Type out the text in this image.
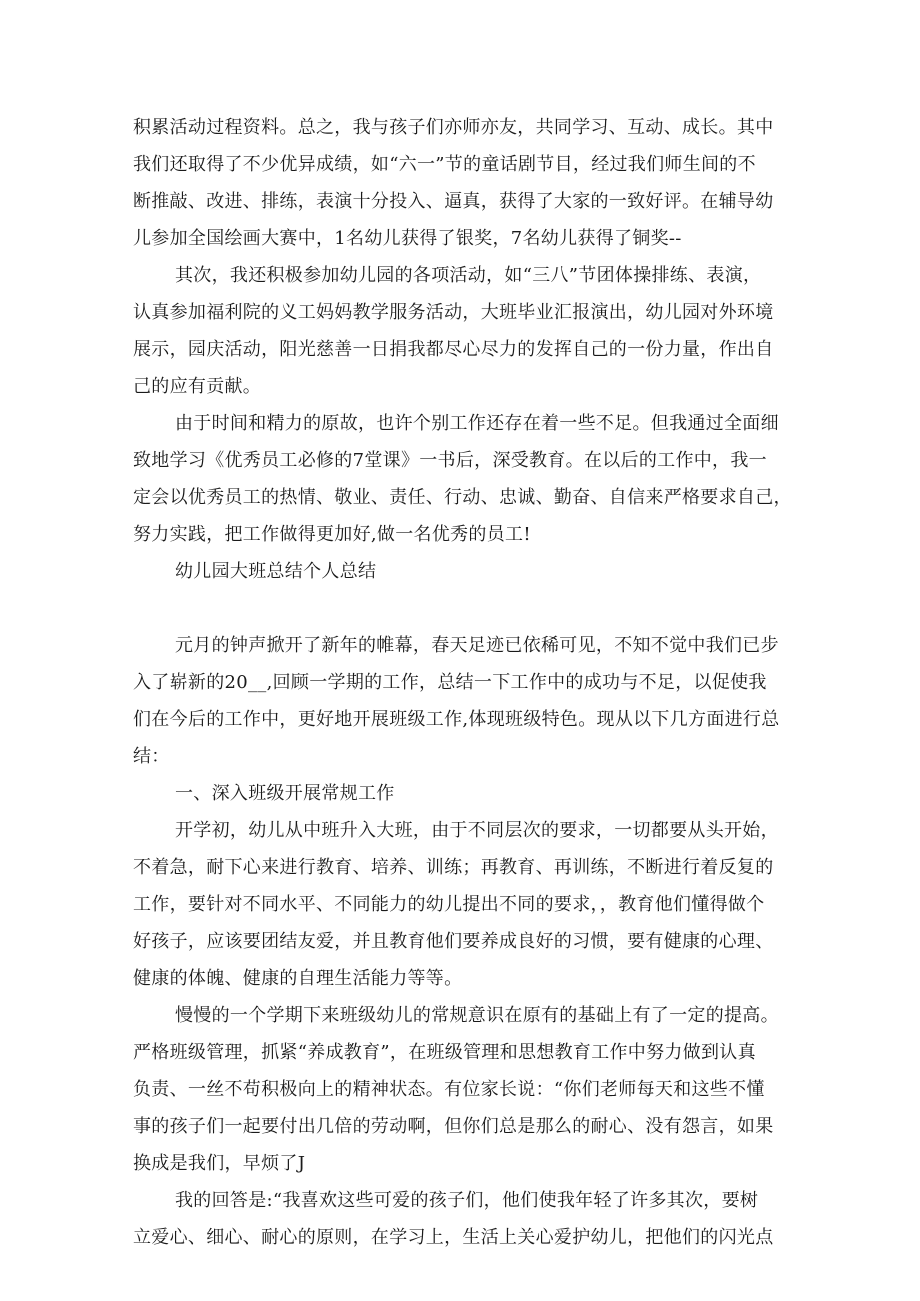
积累活动过程资料。总之，我与孩子们亦师亦友，共同学习、互动、成长。其中
我们还取得了不少优异成绩，如“六一”节的童话剧节目，经过我们师生间的不
断推敲、改进、排练，表演十分投入、逼真，获得了大家的一致好评。在辅导幼
儿参加全国绘画大赛中，1名幼儿获得了银奖，7名幼儿获得了铜奖--
其次，我还积极参加幼儿园的各项活动，如“三八”节团体操排练、表演，
认真参加福利院的义工妈妈教学服务活动，大班毕业汇报演出，幼儿园对外环境
展示，园庆活动，阳光慈善一日捐我都尽心尽力的发挥自己的一份力量，作出自
己的应有贡献。
由于时间和精力的原故，也许个别工作还存在着一些不足。但我通过全面细
致地学习《优秀员工必修的7堂课》一书后，深受教育。在以后的工作中，我一
定会以优秀员工的热情、敬业、责任、行动、忠诚、勤奋、自信来严格要求自己，
努力实践，把工作做得更加好,做一名优秀的员工!
幼儿园大班总结个人总结
元月的钟声掀开了新年的帷幕，春天足迹已依稀可见，不知不觉中我们已步
入了崭新的20__,回顾一学期的工作，总结一下工作中的成功与不足，以促使我
们在今后的工作中，更好地开展班级工作,体现班级特色。现从以下几方面进行总
结：
一、深入班级开展常规工作
开学初，幼儿从中班升入大班，由于不同层次的要求，一切都要从头开始，
不着急，耐下心来进行教育、培养、训练；再教育、再训练，不断进行着反复的
工作，要针对不同水平、不同能力的幼儿提出不同的要求，，教育他们懂得做个
好孩子，应该要团结友爱，并且教育他们要养成良好的习惯，要有健康的心理、
健康的体魄、健康的自理生活能力等等。
慢慢的一个学期下来班级幼儿的常规意识在原有的基础上有了一定的提高。
严格班级管理，抓紧“养成教育”，在班级管理和思想教育工作中努力做到认真
负责、一丝不苟积极向上的精神状态。有位家长说：“你们老师每天和这些不懂
事的孩子们一起要付出几倍的劳动啊，但你们总是那么的耐心、没有怨言，如果
换成是我们，早烦了J
我的回答是:“我喜欢这些可爱的孩子们，他们使我年轻了许多其次，要树
立爱心、细心、耐心的原则，在学习上，生活上关心爱护幼儿，把他们的闪光点
